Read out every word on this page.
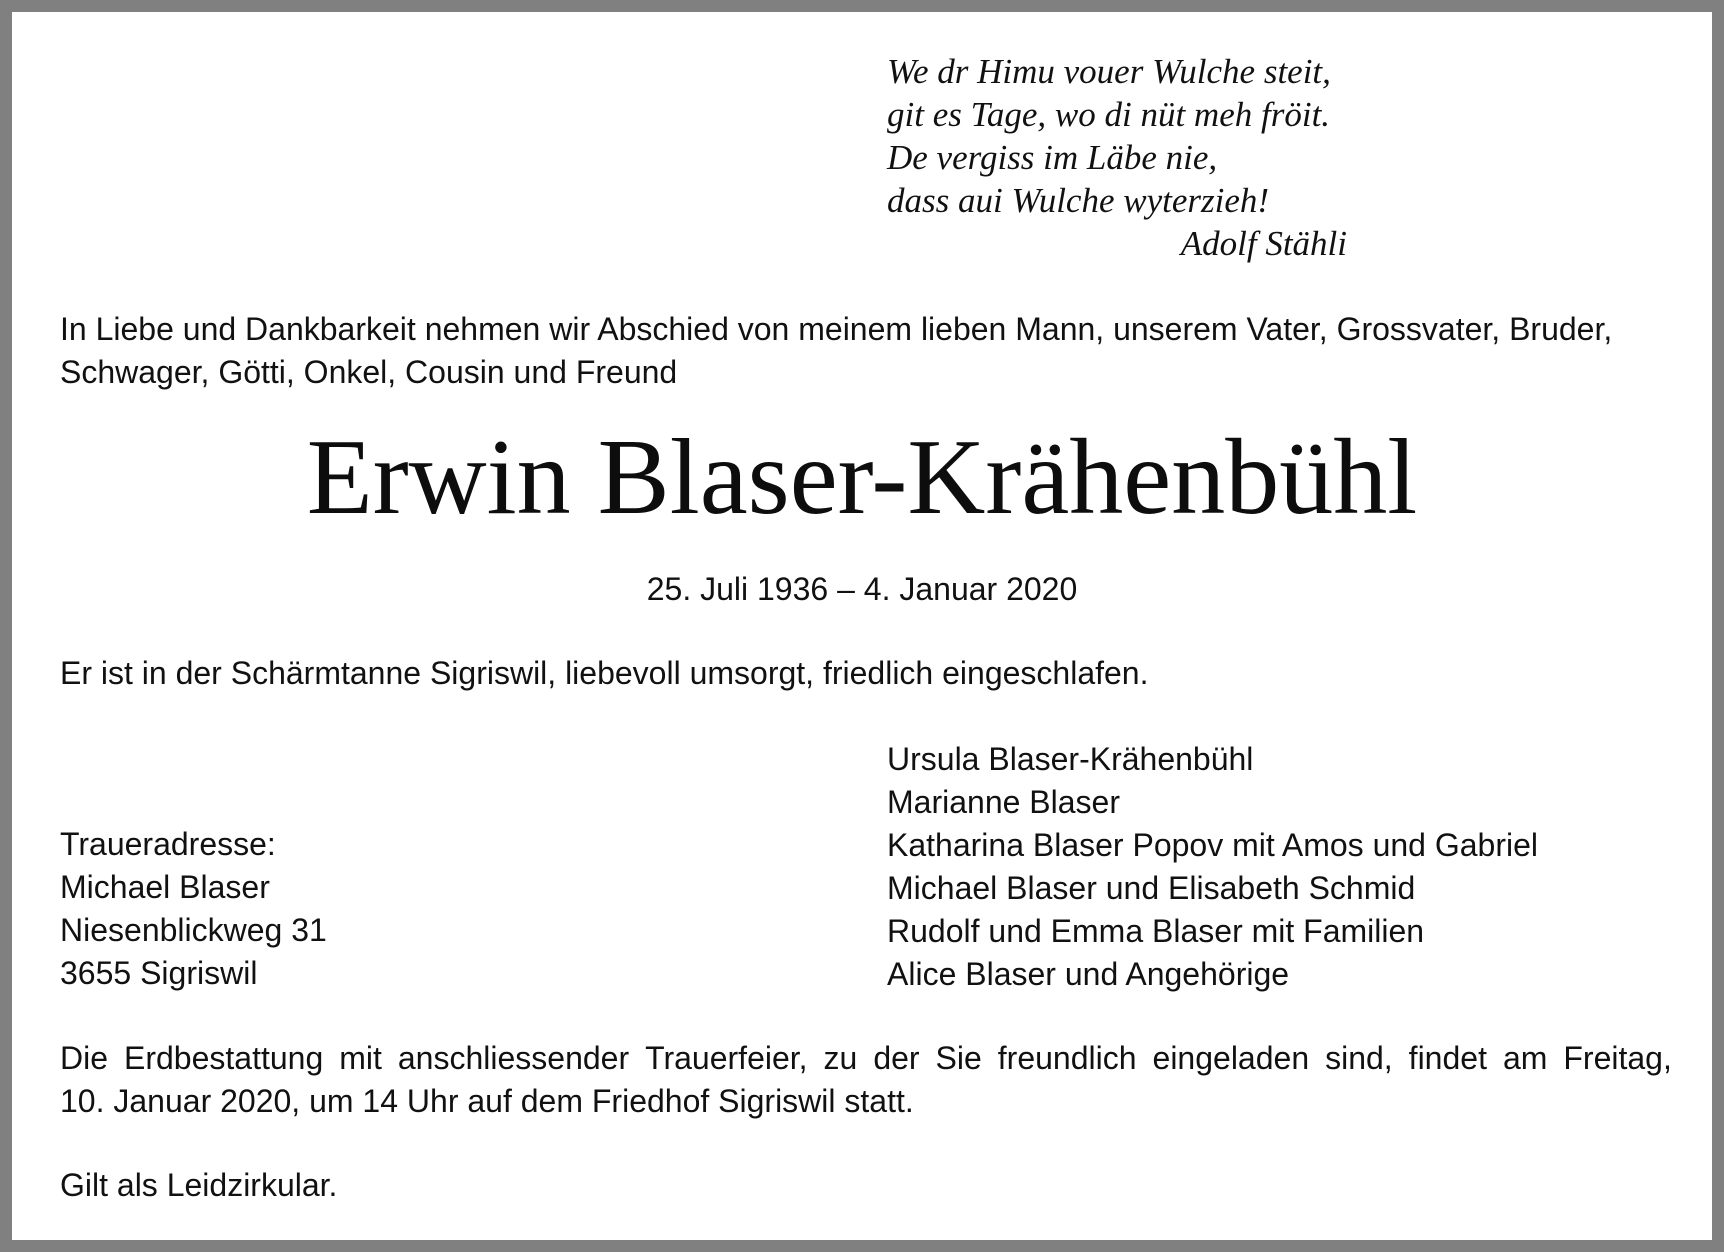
We dr Himu vouer Wulche steit,
git es Tage, wo di nüt meh fröit.
De vergiss im Läbe nie,
dass aui Wulche wyterzieh!
Adolf Stähli
In Liebe und Dankbarkeit nehmen wir Abschied von meinem lieben Mann, unserem Vater, Grossvater, Bruder,
Schwager, Götti, Onkel, Cousin und Freund
Erwin Blaser-Krähenbühl
25. Juli 1936 – 4. Januar 2020
Er ist in der Schärmtanne Sigriswil, liebevoll umsorgt, friedlich eingeschlafen.
Ursula Blaser-Krähenbühl
Marianne Blaser
Katharina Blaser Popov mit Amos und Gabriel
Michael Blaser und Elisabeth Schmid
Rudolf und Emma Blaser mit Familien
Alice Blaser und Angehörige
Traueradresse:
Michael Blaser
Niesenblickweg 31
3655 Sigriswil
Die Erdbestattung mit anschliessender Trauerfeier, zu der Sie freundlich eingeladen sind, findet am Freitag,
10. Januar 2020, um 14 Uhr auf dem Friedhof Sigriswil statt.
Gilt als Leidzirkular.
